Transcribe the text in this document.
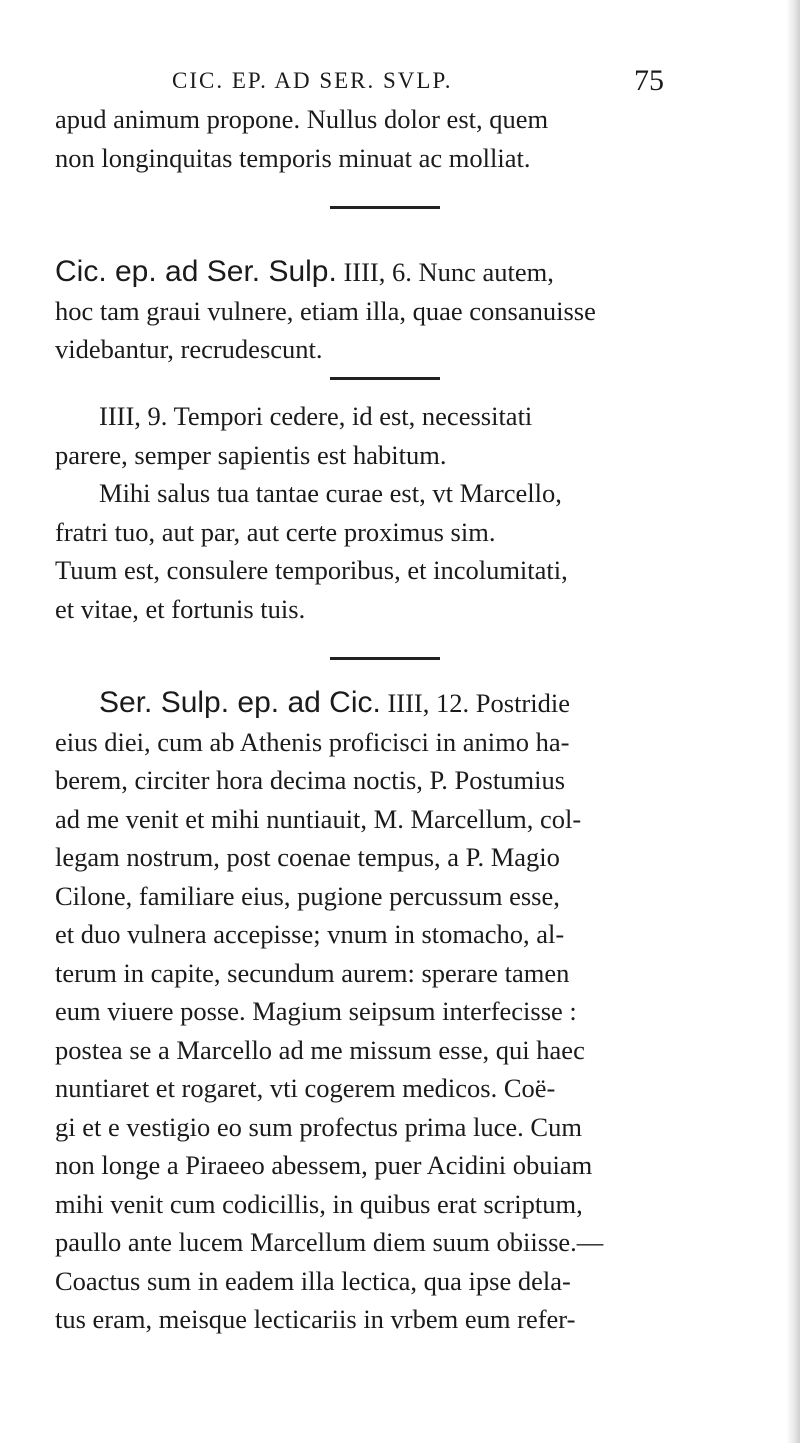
CIC. EP. AD SER. SVLP.	75

apud animum propone. Nullus dolor est, quem

non longinquitas temporis minuat ac molliat.

Cic. ep. ad Ser. Sulp. IIII, 6. Nunc autem,

hoc tam graui vulnere, etiam illa, quae consanuisse

videbantur, recrudescunt.

IIII, 9. Tempori cedere, id est, necessitati

parere, semper sapientis est habitum.

Mihi salus tua tantae curae est, vt Marcello,

fratri tuo, aut par, aut certe proximus sim.

Tuum est, consulere temporibus, et incolumitati,

et vitae, et fortunis tuis.

Ser. Sulp. ep. ad Cic. IIII, 12. Postridie

eius diei, cum ab Athenis proficisci in animo ha-

berem, circiter hora decima noctis, P. Postumius

ad me venit et mihi nuntiauit, M. Marcellum, col-

legam nostrum, post coenae tempus, a P. Magio

Cilone, familiare eius, pugione percussum esse,

et duo vulnera accepisse; vnum in stomacho, al-

terum in capite, secundum aurem: sperare tamen

eum viuere posse. Magium seipsum interfecisse :

postea se a Marcello ad me missum esse, qui haec

nuntiaret et rogaret, vti cogerem medicos. Coë-

gi et e vestigio eo sum profectus prima luce. Cum

non longe a Piraeeo abessem, puer Acidini obuiam

mihi venit cum codicillis, in quibus erat scriptum,

paullo ante lucem Marcellum diem suum obiisse.—

Coactus sum in eadem illa lectica, qua ipse dela-

tus eram, meisque lecticariis in vrbem eum refer-
